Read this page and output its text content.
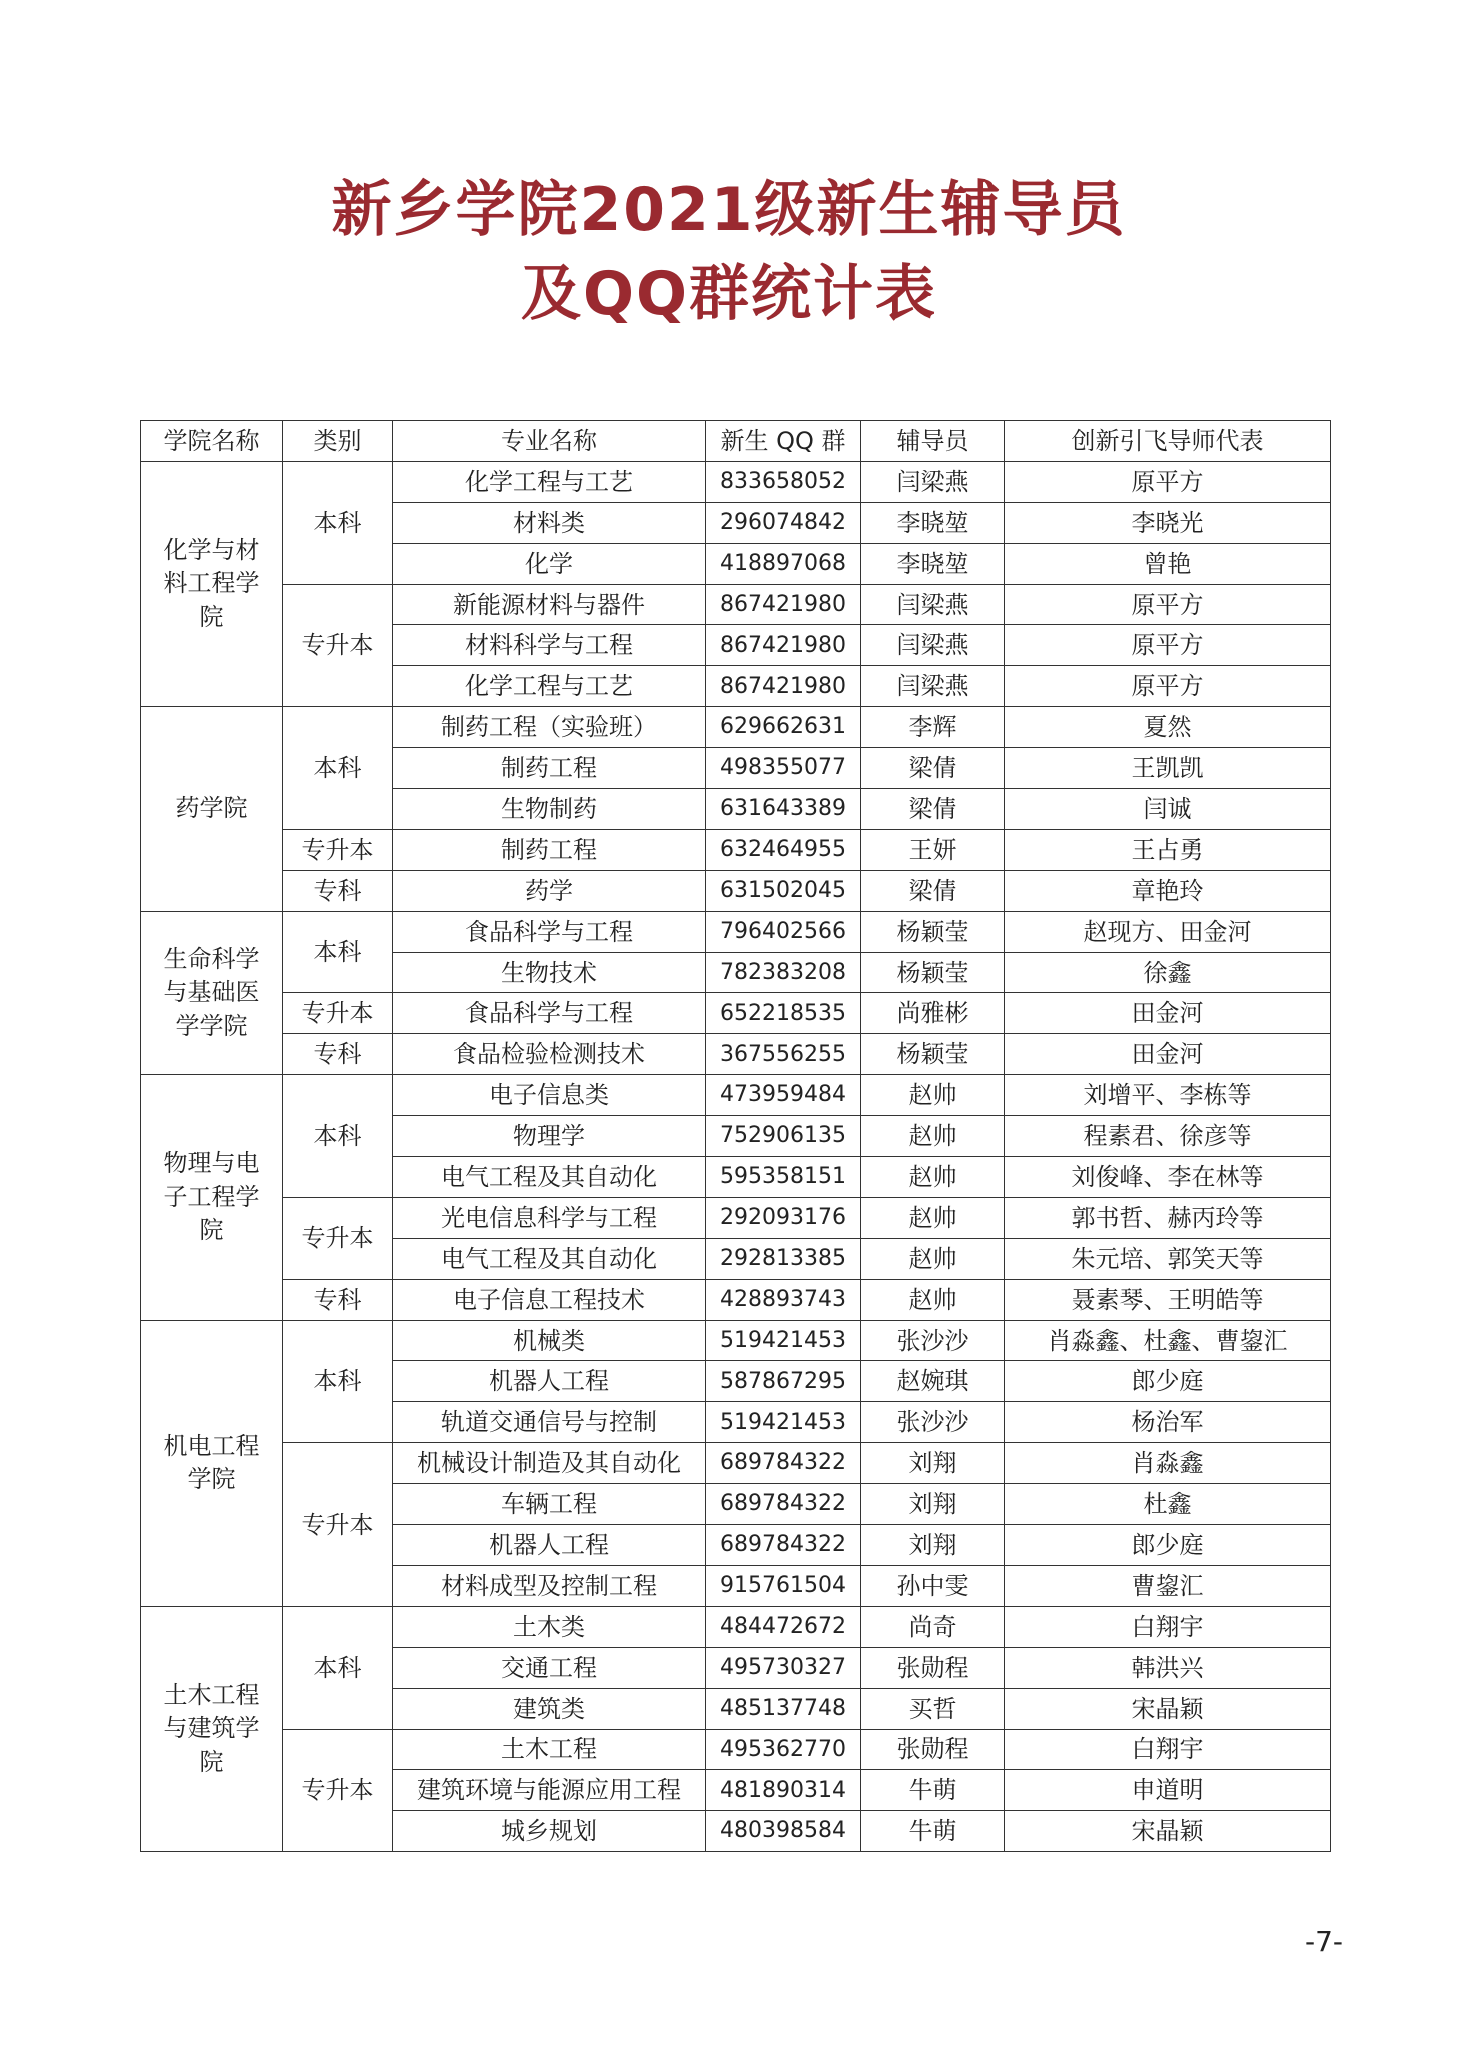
新乡学院2021级新生辅导员
及QQ群统计表
学院名称	类别	专业名称	新生 QQ 群	辅导员	创新引飞导师代表
化学与材料工程学院	本科	化学工程与工艺	833658052	闫梁燕	原平方
		材料类	296074842	李晓堃	李晓光
		化学	418897068	李晓堃	曾艳
	专升本	新能源材料与器件	867421980	闫梁燕	原平方
		材料科学与工程	867421980	闫梁燕	原平方
		化学工程与工艺	867421980	闫梁燕	原平方
药学院	本科	制药工程（实验班）	629662631	李辉	夏然
		制药工程	498355077	梁倩	王凯凯
		生物制药	631643389	梁倩	闫诚
	专升本	制药工程	632464955	王妍	王占勇
	专科	药学	631502045	梁倩	章艳玲
生命科学与基础医学学院	本科	食品科学与工程	796402566	杨颖莹	赵现方、田金河
		生物技术	782383208	杨颖莹	徐鑫
	专升本	食品科学与工程	652218535	尚雅彬	田金河
	专科	食品检验检测技术	367556255	杨颖莹	田金河
物理与电子工程学院	本科	电子信息类	473959484	赵帅	刘增平、李栋等
		物理学	752906135	赵帅	程素君、徐彦等
		电气工程及其自动化	595358151	赵帅	刘俊峰、李在林等
	专升本	光电信息科学与工程	292093176	赵帅	郭书哲、赫丙玲等
		电气工程及其自动化	292813385	赵帅	朱元培、郭笑天等
	专科	电子信息工程技术	428893743	赵帅	聂素琴、王明皓等
机电工程学院	本科	机械类	519421453	张沙沙	肖淼鑫、杜鑫、曹鋆汇
		机器人工程	587867295	赵婉琪	郎少庭
		轨道交通信号与控制	519421453	张沙沙	杨治军
	专升本	机械设计制造及其自动化	689784322	刘翔	肖淼鑫
		车辆工程	689784322	刘翔	杜鑫
		机器人工程	689784322	刘翔	郎少庭
		材料成型及控制工程	915761504	孙中雯	曹鋆汇
土木工程与建筑学院	本科	土木类	484472672	尚奇	白翔宇
		交通工程	495730327	张勋程	韩洪兴
		建筑类	485137748	买哲	宋晶颖
	专升本	土木工程	495362770	张勋程	白翔宇
		建筑环境与能源应用工程	481890314	牛萌	申道明
		城乡规划	480398584	牛萌	宋晶颖
-7-
